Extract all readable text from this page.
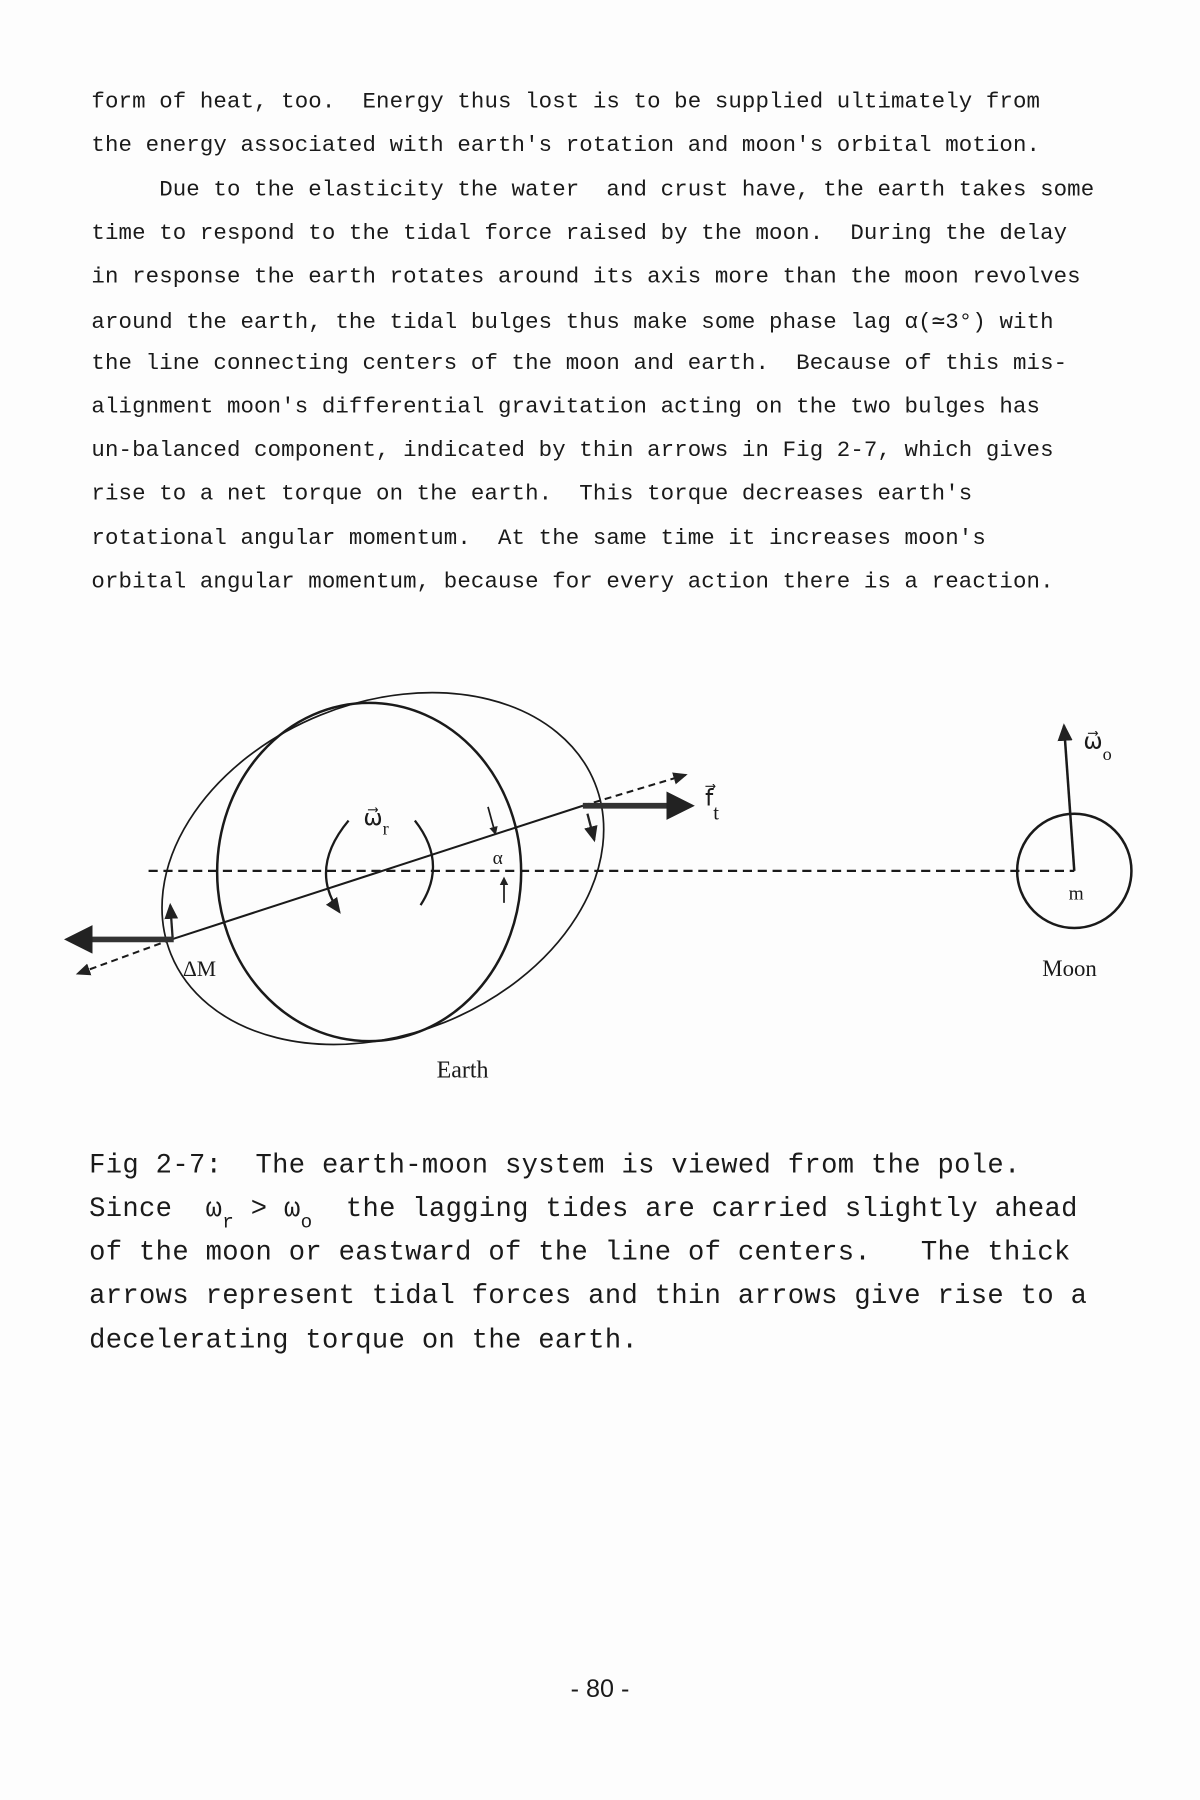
form of heat, too.  Energy thus lost is to be supplied ultimately from
the energy associated with earth's rotation and moon's orbital motion.
Due to the elasticity the water  and crust have, the earth takes some
time to respond to the tidal force raised by the moon.  During the delay
in response the earth rotates around its axis more than the moon revolves
around the earth, the tidal bulges thus make some phase lag α(≃3°) with
the line connecting centers of the moon and earth.  Because of this mis-
alignment moon's differential gravitation acting on the two bulges has
un-balanced component, indicated by thin arrows in Fig 2-7, which gives
rise to a net torque on the earth.  This torque decreases earth's
rotational angular momentum.  At the same time it increases moon's
orbital angular momentum, because for every action there is a reaction.
$\omega⃗_r$
α
f⃗t
$\omega⃗_o$
m
Moon
ΔM
Earth
Fig 2-7:  The earth-moon system is viewed from the pole.
Since  $\omega_r > \omega_o$  the lagging tides are carried slightly ahead
of the moon or eastward of the line of centers.   The thick
arrows represent tidal forces and thin arrows give rise to a
decelerating torque on the earth.
- 80 -
